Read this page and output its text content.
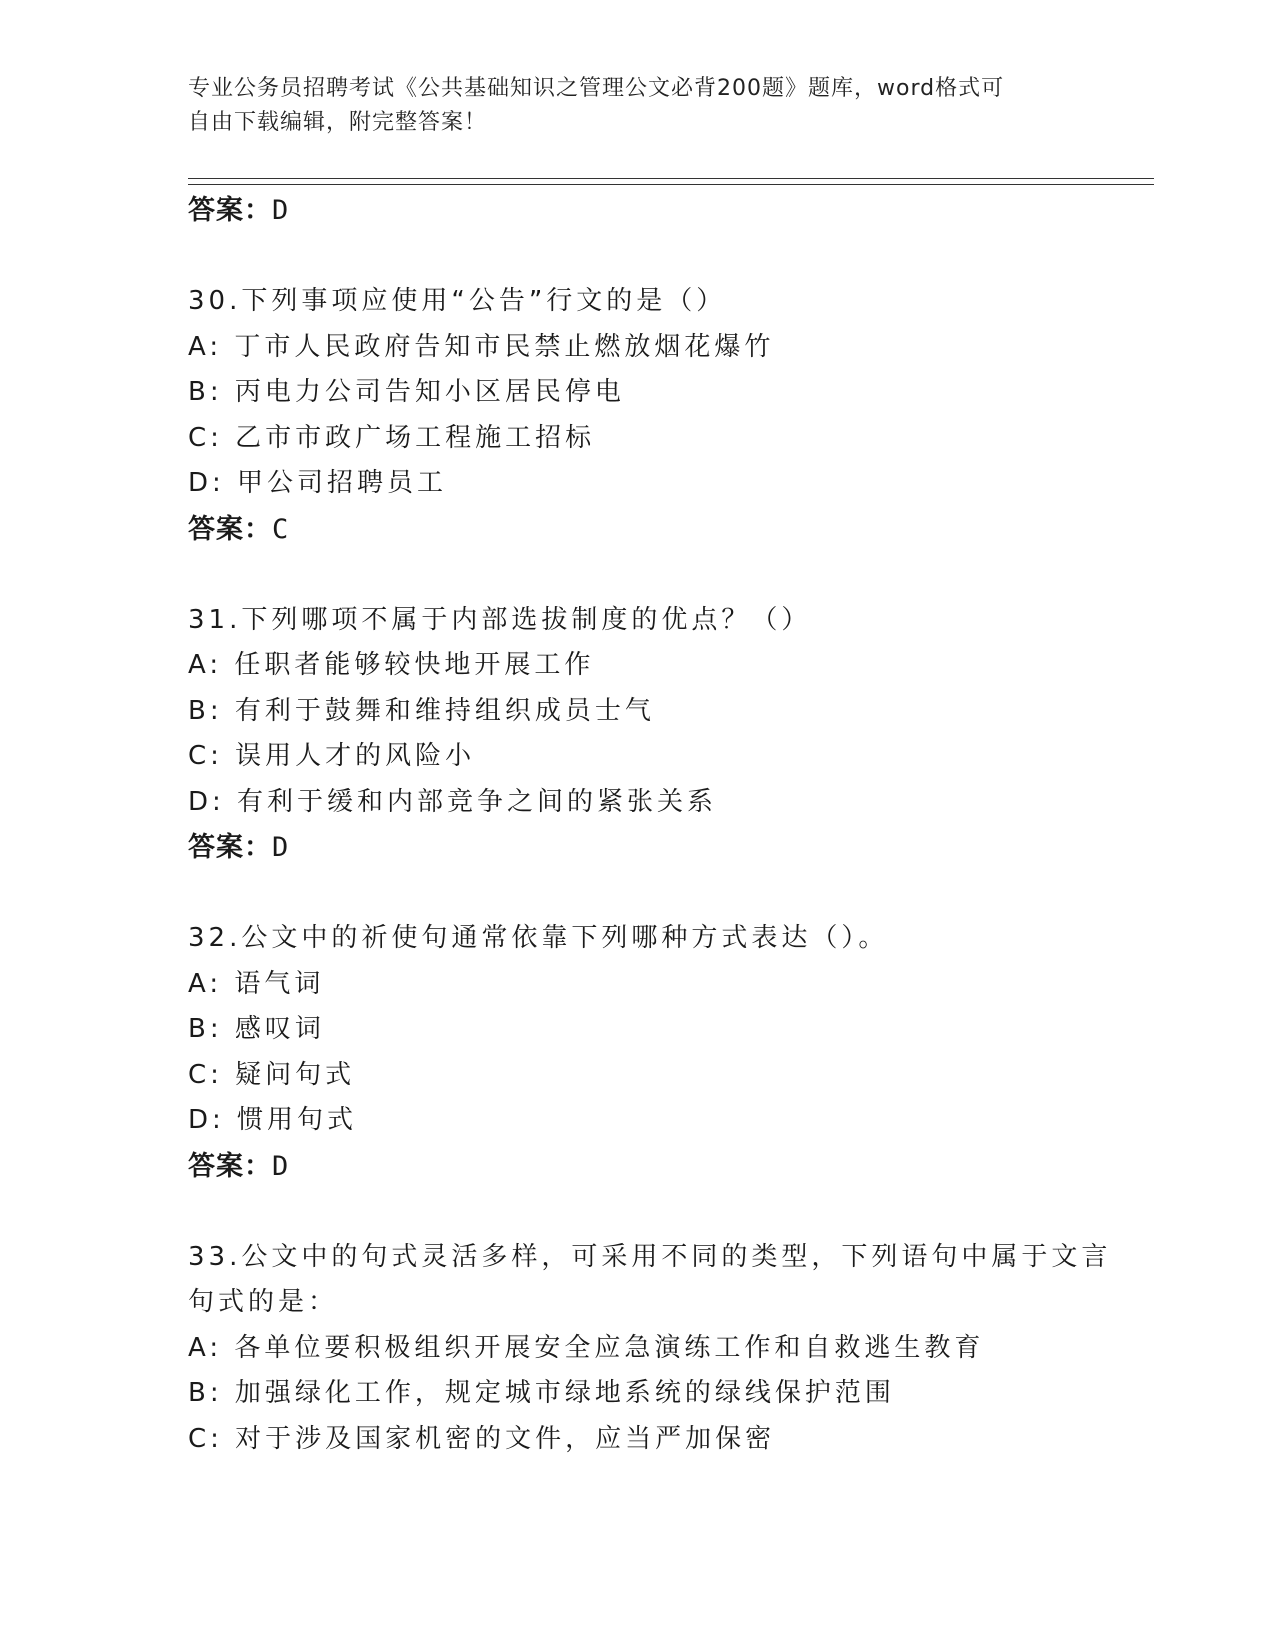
专业公务员招聘考试《公共基础知识之管理公文必背200题》题库，word格式可
自由下载编辑，附完整答案！
答案：D
30.下列事项应使用“公告”行文的是（）
A: 丁市人民政府告知市民禁止燃放烟花爆竹
B: 丙电力公司告知小区居民停电
C: 乙市市政广场工程施工招标
D: 甲公司招聘员工
答案：C
31.下列哪项不属于内部选拔制度的优点？（）
A: 任职者能够较快地开展工作
B: 有利于鼓舞和维持组织成员士气
C: 误用人才的风险小
D: 有利于缓和内部竞争之间的紧张关系
答案：D
32.公文中的祈使句通常依靠下列哪种方式表达（）。
A: 语气词
B: 感叹词
C: 疑问句式
D: 惯用句式
答案：D
33.公文中的句式灵活多样，可采用不同的类型，下列语句中属于文言
句式的是：
A: 各单位要积极组织开展安全应急演练工作和自救逃生教育
B: 加强绿化工作，规定城市绿地系统的绿线保护范围
C: 对于涉及国家机密的文件，应当严加保密
